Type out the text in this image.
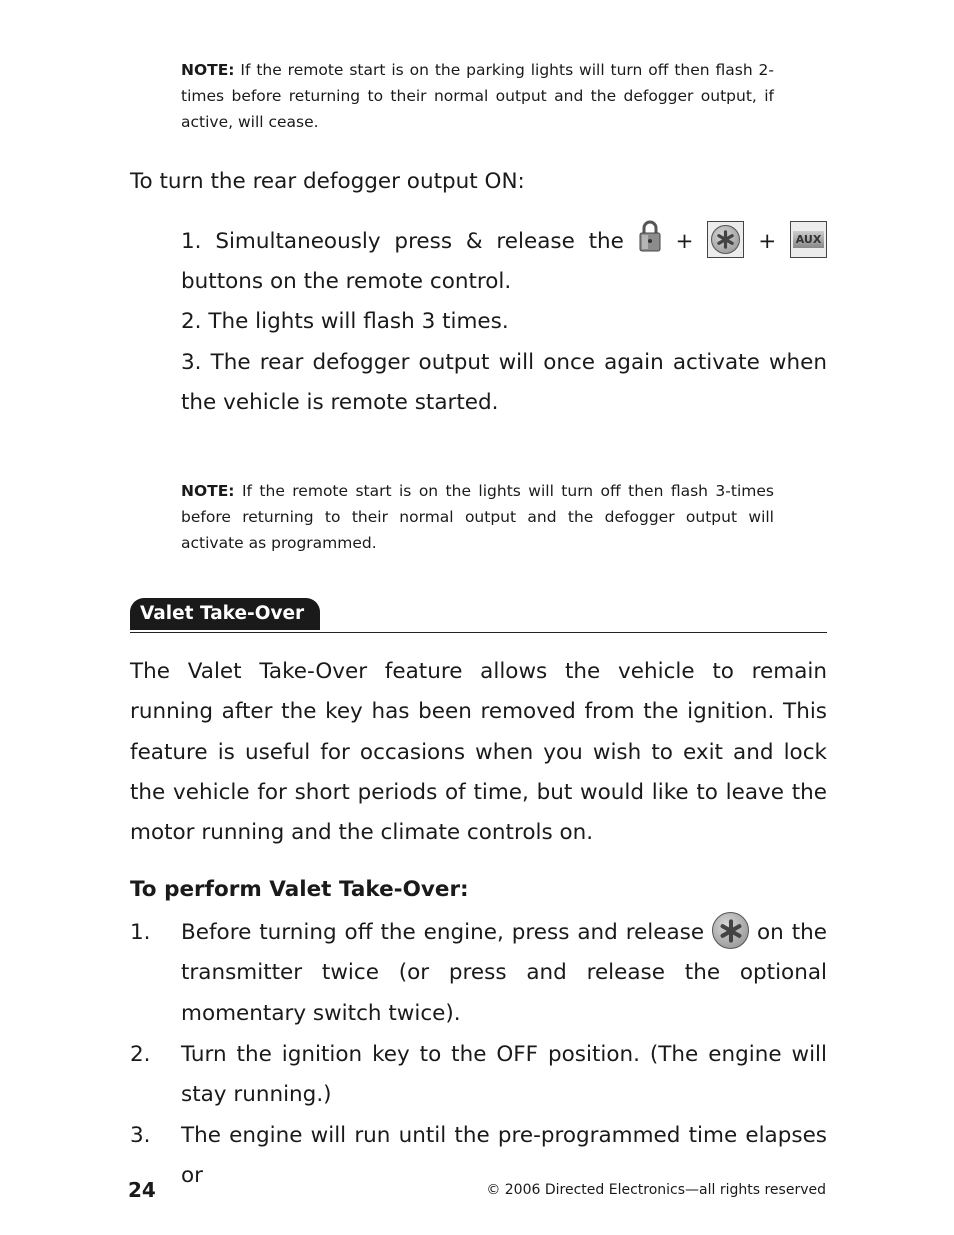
NOTE: If the remote start is on the parking lights will turn off then flash 2-times before returning to their normal output and the defogger output, if active, will cease.
To turn the rear defogger output ON:
1. Simultaneously press & release the +	+ AUX
buttons on the remote control.
2. The lights will flash 3 times.
3. The rear defogger output will once again activate when the vehicle is remote started.
NOTE: If the remote start is on the lights will turn off then flash 3-times before returning to their normal output and the defogger output will activate as programmed.
Valet Take-Over
The Valet Take-Over feature allows the vehicle to remain running after the key has been removed from the ignition. This feature is useful for occasions when you wish to exit and lock the vehicle for short periods of time, but would like to leave the motor running and the climate controls on.
To perform Valet Take-Over:
1. Before turning off the engine, press and release on the transmitter twice (or press and release the optional momentary switch twice).
2. Turn the ignition key to the OFF position. (The engine will stay running.)
3. The engine will run until the pre-programmed time elapses or
24	© 2006 Directed Electronics—all rights reserved
